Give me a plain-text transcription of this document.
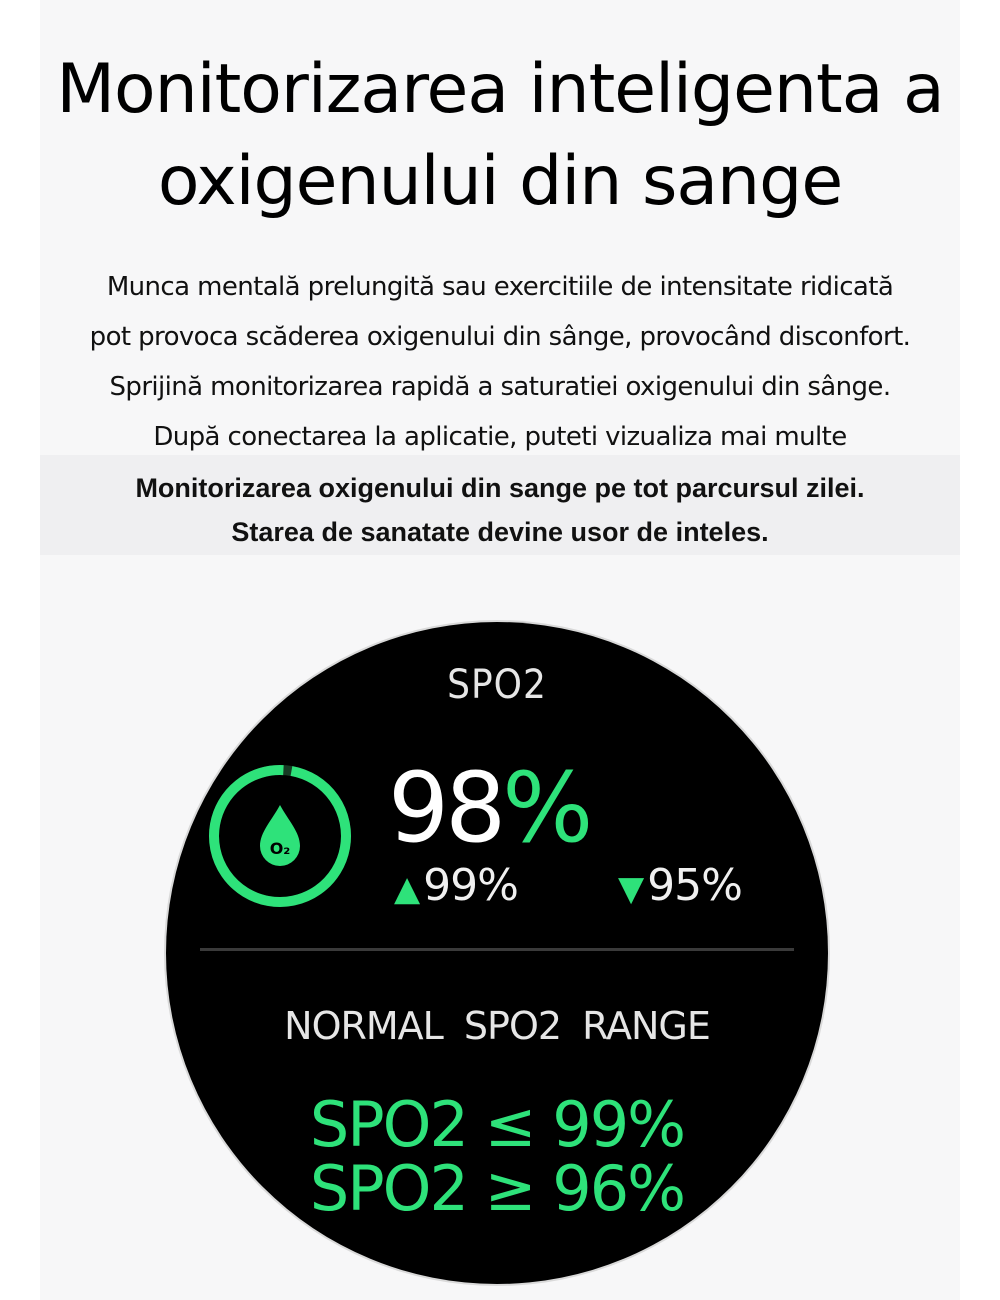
Monitorizarea inteligenta a
oxigenului din sange
Munca mentală prelungită sau exercitiile de intensitate ridicată
pot provoca scăderea oxigenului din sânge, provocând disconfort.
Sprijină monitorizarea rapidă a saturatiei oxigenului din sânge.
După conectarea la aplicatie, puteti vizualiza mai multe
Monitorizarea oxigenului din sange pe tot parcursul zilei.
Starea de sanatate devine usor de inteles.
SPO2
O₂ 98%
▲99%	▼95%
NORMAL SPO2 RANGE
SPO2 ≤ 99%
SPO2 ≥ 96%
